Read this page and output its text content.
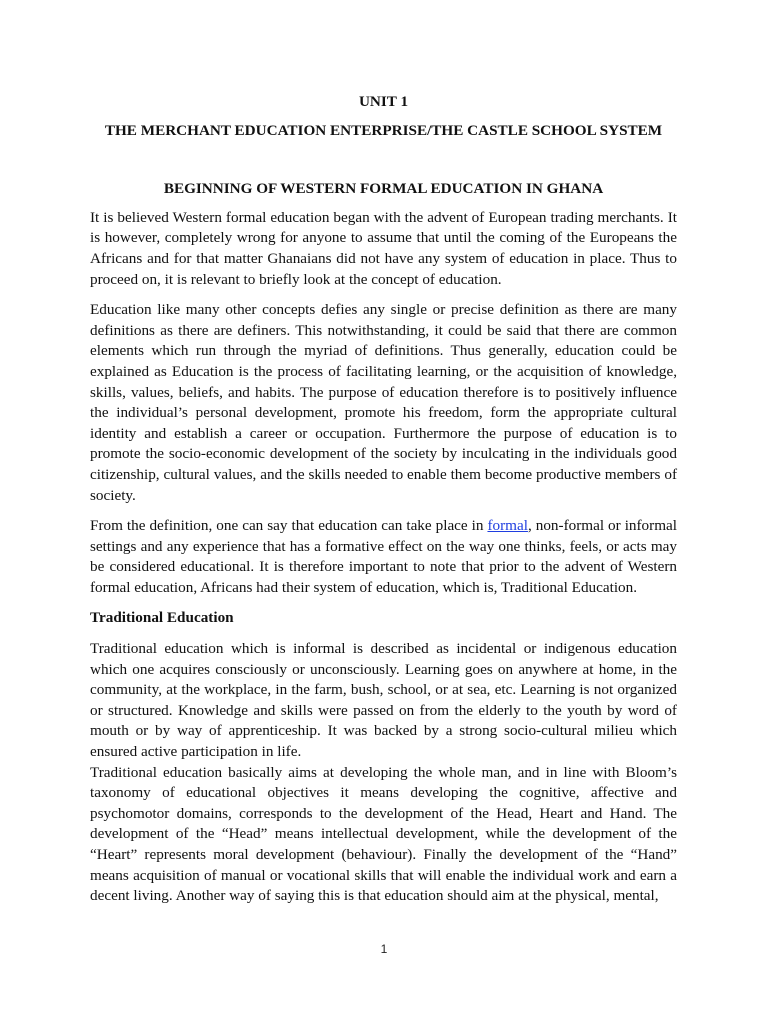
UNIT 1

THE MERCHANT EDUCATION ENTERPRISE/THE CASTLE SCHOOL SYSTEM

BEGINNING OF WESTERN FORMAL EDUCATION IN GHANA

It is believed Western formal education began with the advent of European trading merchants. It is however, completely wrong for anyone to assume that until the coming of the Europeans the Africans and for that matter Ghanaians did not have any system of education in place. Thus to proceed on, it is relevant to briefly look at the concept of education.

Education like many other concepts defies any single or precise definition as there are many definitions as there are definers. This notwithstanding, it could be said that there are common elements which run through the myriad of definitions. Thus generally, education could be explained as Education is the process of facilitating learning, or the acquisition of knowledge, skills, values, beliefs, and habits. The purpose of education therefore is to positively influence the individual’s personal development, promote his freedom, form the appropriate cultural identity and establish a career or occupation. Furthermore the purpose of education is to promote the socio-economic development of the society by inculcating in the individuals good citizenship, cultural values, and the skills needed to enable them become productive members of society.

From the definition, one can say that education can take place in formal, non-formal or informal settings and any experience that has a formative effect on the way one thinks, feels, or acts may be considered educational. It is therefore important to note that prior to the advent of Western formal education, Africans had their system of education, which is, Traditional Education.

Traditional Education

Traditional education which is informal is described as incidental or indigenous education which one acquires consciously or unconsciously. Learning goes on anywhere at home, in the community, at the workplace, in the farm, bush, school, or at sea, etc. Learning is not organized or structured. Knowledge and skills were passed on from the elderly to the youth by word of mouth or by way of apprenticeship. It was backed by a strong socio-cultural milieu which ensured active participation in life.

Traditional education basically aims at developing the whole man, and in line with Bloom’s taxonomy of educational objectives it means developing the cognitive, affective and psychomotor domains, corresponds to the development of the Head, Heart and Hand. The development of the “Head” means intellectual development, while the development of the “Heart” represents moral development (behaviour). Finally the development of the “Hand” means acquisition of manual or vocational skills that will enable the individual work and earn a decent living. Another way of saying this is that education should aim at the physical, mental,

1
